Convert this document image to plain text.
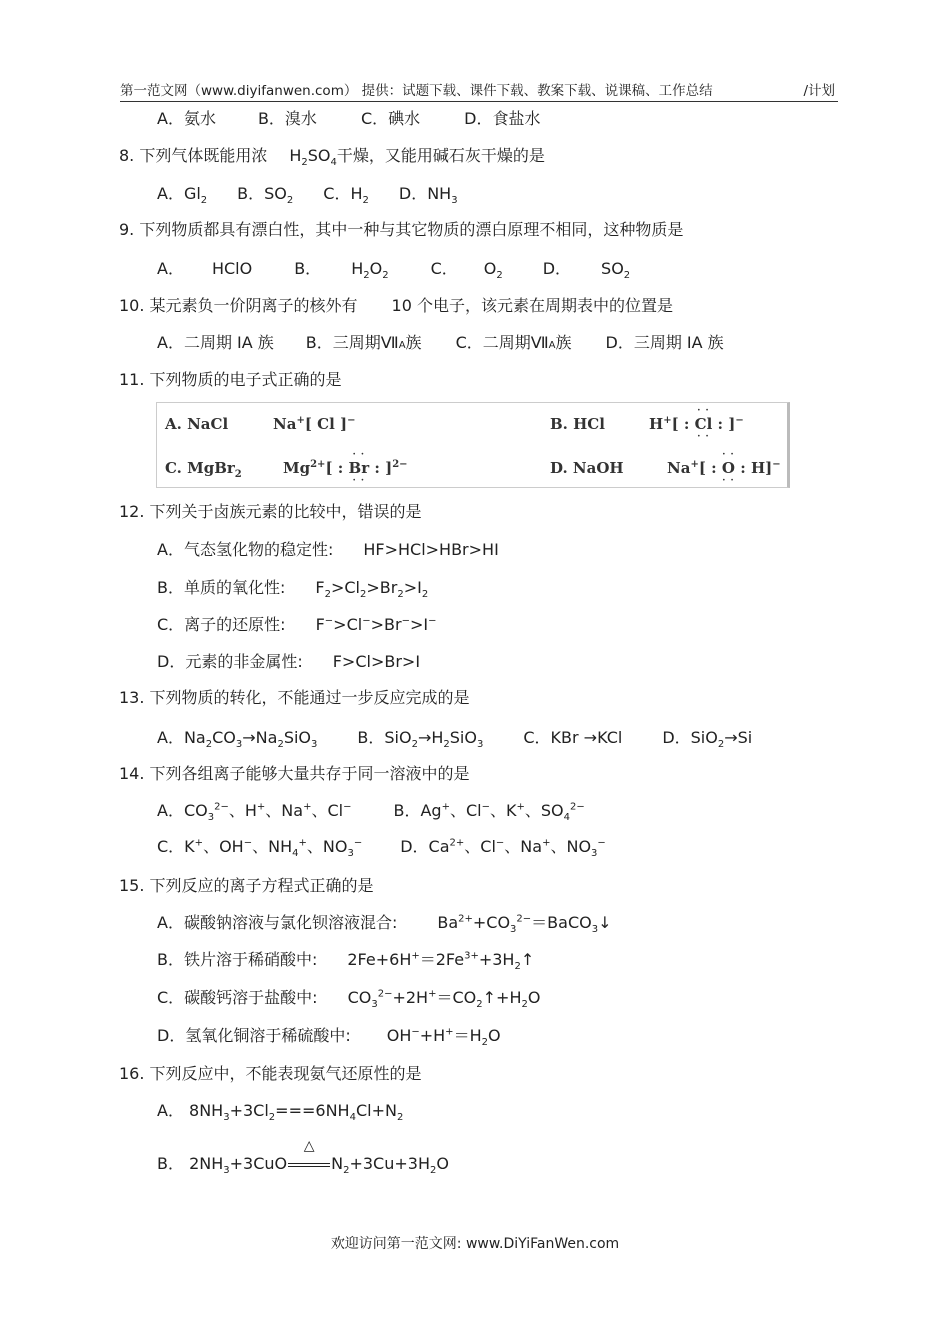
第一范文网（www.diyifanwen.com） 提供：试题下载、课件下载、教案下载、说课稿、工作总结	/计划
A．氨水	B．溴水	C．碘水	D．食盐水
8. 下列气体既能用浓 $H_2SO_4$干燥，又能用碱石灰干燥的是
A．$Gl_2$ B．$SO_2$ C．$H_2$ D．$NH_3$
9. 下列物质都具有漂白性，其中一种与其它物质的漂白原理不相同，这种物质是
A． HClO	B． $H_2O_2$	C． $O_2$	D． $SO_2$
10. 某元素负一价阴离子的核外有 10 个电子，该元素在周期表中的位置是
A．二周期 IA 族 B．三周期ⅦA族 C．二周期ⅦA族 D．三周期 IA 族
11. 下列物质的电子式正确的是
A. NaCl	Na+[ Cl ]−	B. HCl	H+[ : · · Cl · · : ]−
C. MgBr$_2$	$Mg^{2+}$[ : · · Br · · : ]$^{2-}$	D. NaOH	Na+[ : · · O · · : H]−
12. 下列关于卤族元素的比较中，错误的是
A．气态氢化物的稳定性: HF>HCl>HBr>HI
B．单质的氧化性: $F_2>Cl_2>Br_2>I_2$
C．离子的还原性: F−>Cl−>Br−>I−
D．元素的非金属性: F>Cl>Br>I
13. 下列物质的转化，不能通过一步反应完成的是
A．$Na_2CO_3\to Na_2SiO_3$	B．$SiO_2\to H_2SiO_3$	C．KBr →KCl	D．SiO$_2$→Si
14. 下列各组离子能够大量共存于同一溶液中的是
A．$CO_3^{2-}$、H+、Na+、Cl−	B．Ag+、Cl−、K+、$SO_4^{2-}$
C．K+、OH−、$NH_4^+$、$NO_3^-$ D．$Ca^{2+}$、Cl−、Na+、$NO_3^-$
15. 下列反应的离子方程式正确的是
A．碳酸钠溶液与氯化钡溶液混合:	$Ba^{2+}+CO_3^{2-}=BaCO_3↓$
B．铁片溶于稀硝酸中: $2Fe+6H^+=2Fe^{3+}+3H_2↑$
C．碳酸钙溶于盐酸中: $CO_3^{2-}+2H^+=CO_2↑+H_2O$
D．氢氧化铜溶于稀硫酸中: $OH^-+H^+=H_2O$
16. 下列反应中，不能表现氨气还原性的是
A． $8NH_3+3Cl_2===6NH_4Cl+N_2$
B． $2NH_3+3CuO$
△
$N_2+3Cu+3H_2O$
欢迎访问第一范文网: www.DiYiFanWen.com
